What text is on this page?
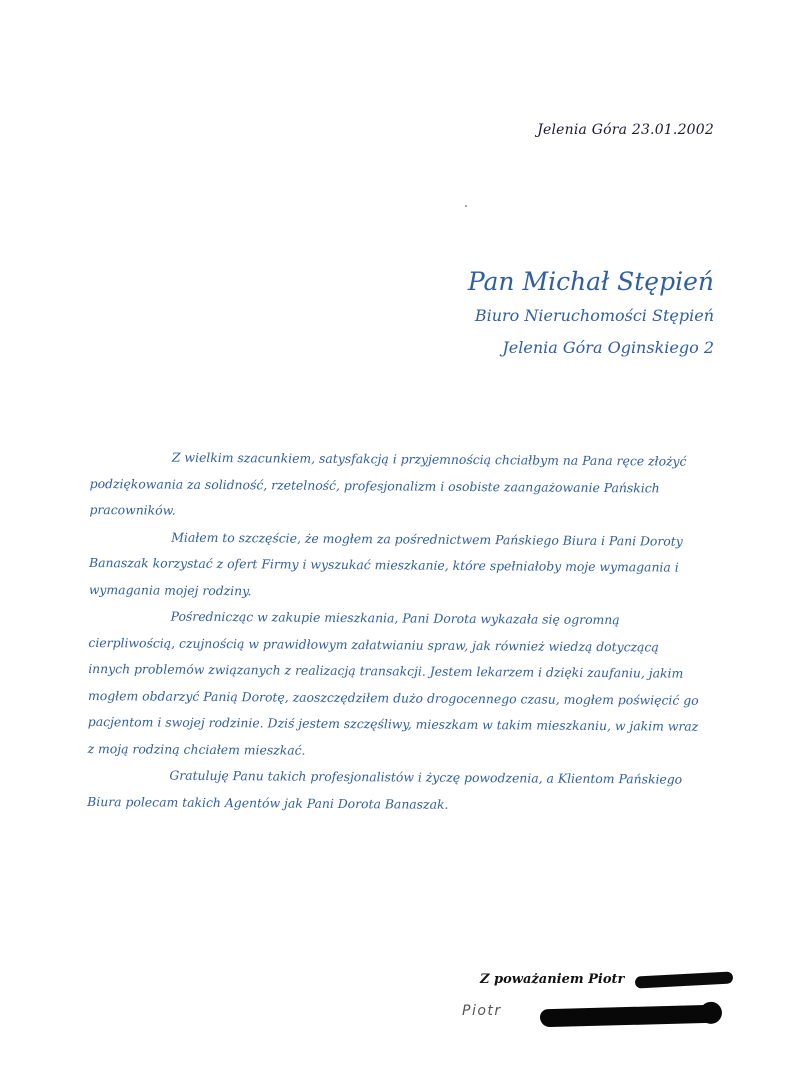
Jelenia Góra 23.01.2002
Pan Michał Stępień
Biuro Nieruchomości Stępień
Jelenia Góra Oginskiego 2

Z wielkim szacunkiem, satysfakcją i przyjemnością chciałbym na Pana ręce złożyć podziękowania za solidność, rzetelność, profesjonalizm i osobiste zaangażowanie Pańskich pracowników.

Miałem to szczęście, że mogłem za pośrednictwem Pańskiego Biura i Pani Doroty Banaszak korzystać z ofert Firmy i wyszukać mieszkanie, które spełniałoby moje wymagania i wymagania mojej rodziny.

Pośrednicząc w zakupie mieszkania, Pani Dorota wykazała się ogromną cierpliwością, czujnością w prawidłowym załatwianiu spraw, jak również wiedzą dotyczącą innych problemów związanych z realizacją transakcji. Jestem lekarzem i dzięki zaufaniu, jakim mogłem obdarzyć Panią Dorotę, zaoszczędziłem dużo drogocennego czasu, mogłem poświęcić go pacjentom i swojej rodzinie. Dziś jestem szczęśliwy, mieszkam w takim mieszkaniu, w jakim wraz z moją rodziną chciałem mieszkać.

Gratuluję Panu takich profesjonalistów i życzę powodzenia, a Klientom Pańskiego Biura polecam takich Agentów jak Pani Dorota Banaszak.

Z poważaniem Piotr
Piotr
